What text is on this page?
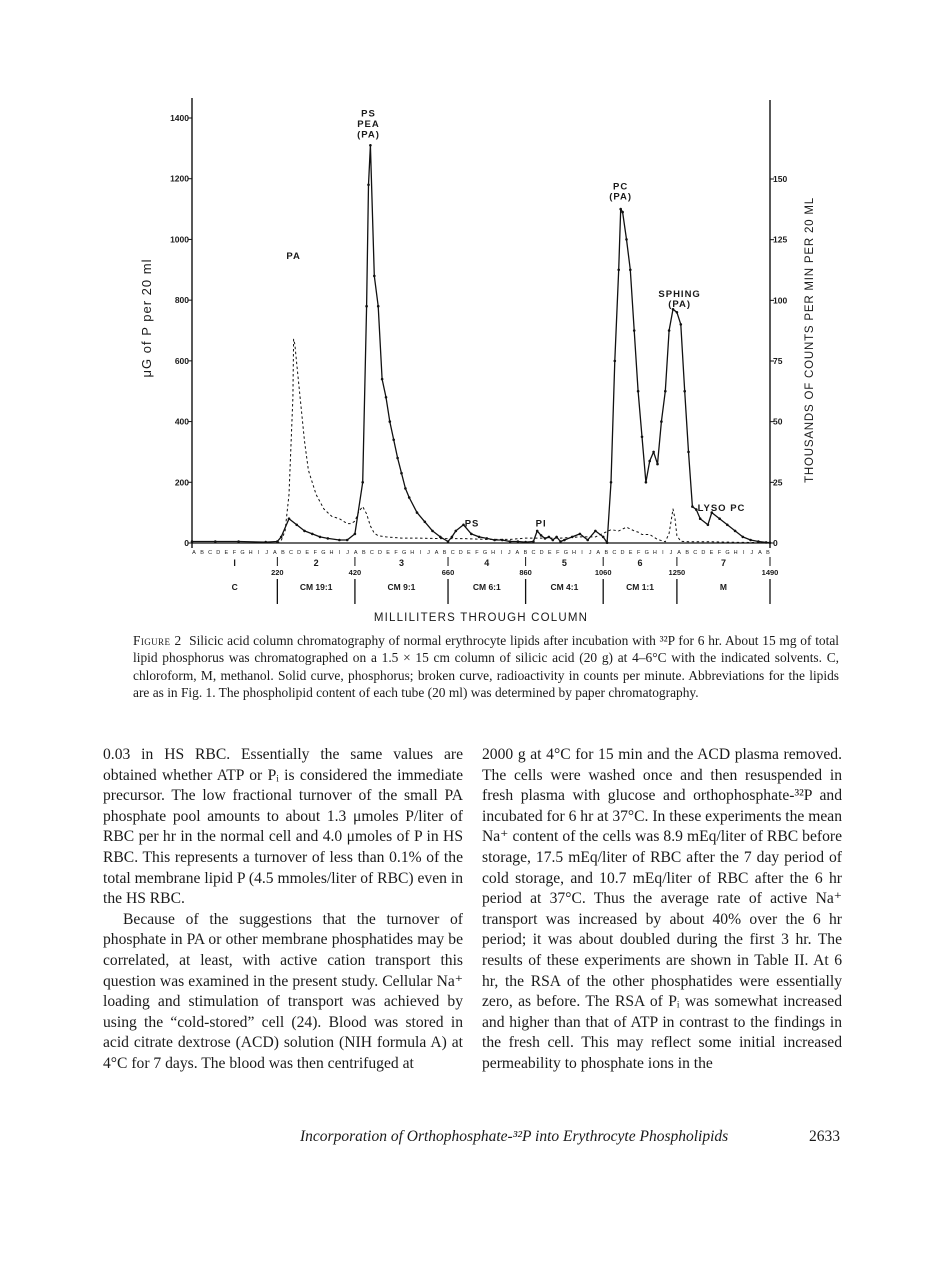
0
200
400
600
800
1000
1200
1400
0
25
50
75
100
125
150
μG of P per 20 ml	THOUSANDS OF COUNTS PER MIN PER 20 ML
PS
PEA
(PA)
PA
PC
(PA)
SPHING
(PA)
PS	PI
LYSO PC
A B C D E F G H I J A B C D E F G H I J A B C D E F G H I J A B C D E F G H I J A B C D E F G H I J A B C D E F G H I J A B C D E F G H I J A B
I	2	3	4	5	6	7
220	420	660	860	1060	1250	1490
C	CM 19:1	CM 9:1	CM 6:1	CM 4:1	CM 1:1	M
MILLILITERS THROUGH COLUMN
Figure 2 Silicic acid column chromatography of normal erythrocyte lipids after incubation with ³²P for 6 hr. About 15 mg of total lipid phosphorus was chromatographed on a 1.5 × 15 cm column of silicic acid (20 g) at 4–6°C with the indicated solvents. C, chloroform, M, methanol. Solid curve, phosphorus; broken curve, radioactivity in counts per minute. Abbreviations for the lipids are as in Fig. 1. The phospholipid content of each tube (20 ml) was determined by paper chromatography.

0.03 in HS RBC. Essentially the same values are obtained whether ATP or Pᵢ is considered the immediate precursor. The low fractional turnover of the small PA phosphate pool amounts to about 1.3 μmoles P/liter of RBC per hr in the normal cell and 4.0 μmoles of P in HS RBC. This represents a turnover of less than 0.1% of the total membrane lipid P (4.5 mmoles/liter of RBC) even in the HS RBC.

Because of the suggestions that the turnover of phosphate in PA or other membrane phosphatides may be correlated, at least, with active cation transport this question was examined in the present study. Cellular Na⁺ loading and stimulation of transport was achieved by using the “cold-stored” cell (24). Blood was stored in acid citrate dextrose (ACD) solution (NIH formula A) at 4°C for 7 days. The blood was then centrifuged at

2000 g at 4°C for 15 min and the ACD plasma removed. The cells were washed once and then resuspended in fresh plasma with glucose and orthophosphate-³²P and incubated for 6 hr at 37°C. In these experiments the mean Na⁺ content of the cells was 8.9 mEq/liter of RBC before storage, 17.5 mEq/liter of RBC after the 7 day period of cold storage, and 10.7 mEq/liter of RBC after the 6 hr period at 37°C. Thus the average rate of active Na⁺ transport was increased by about 40% over the 6 hr period; it was about doubled during the first 3 hr. The results of these experiments are shown in Table II. At 6 hr, the RSA of the other phosphatides were essentially zero, as before. The RSA of Pᵢ was somewhat increased and higher than that of ATP in contrast to the findings in the fresh cell. This may reflect some initial increased permeability to phosphate ions in the

Incorporation of Orthophosphate-³²P into Erythrocyte Phospholipids	2633
